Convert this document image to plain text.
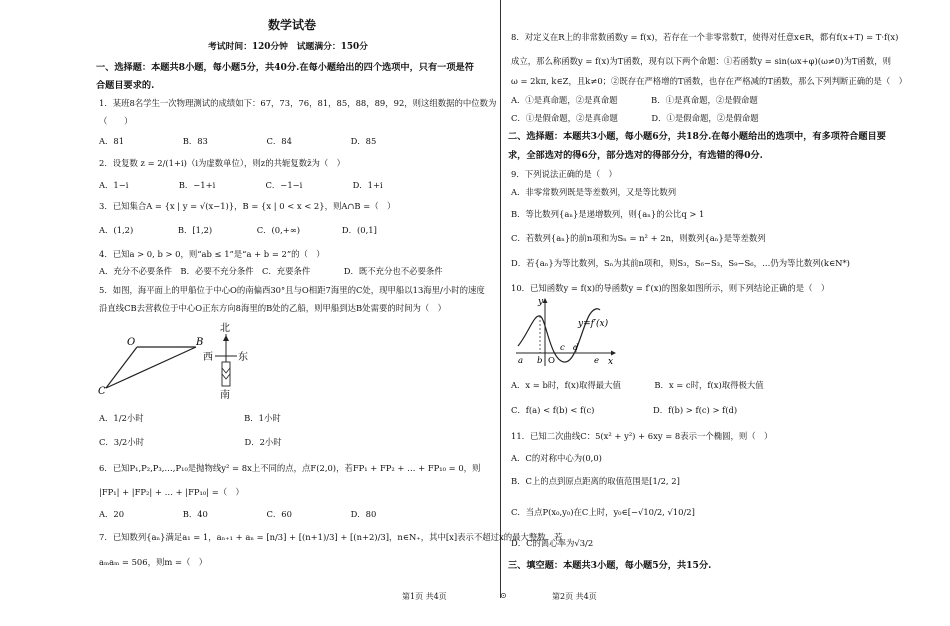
数学试卷
考试时间：120分钟　试题满分：150分
一、选择题：本题共8小题，每小题5分，共40分.在每小题给出的四个选项中，只有一项是符
合题目要求的.
1．某班8名学生一次物理测试的成绩如下：67，73，76，81，85，88，89，92，则这组数据的中位数为
（　　）
A．81　　　　　　　B．83　　　　　　　C．84　　　　　　　D．85
2．设复数 z = 2/(1+i)（i为虚数单位），则z的共轭复数z̄为（　）
A．1−i　　　　　　B．−1+i　　　　　　C．−1−i　　　　　　D．1+i
3．已知集合A = {x | y = √(x−1)}，B = {x | 0 < x < 2}，则A∩B =（　）
A．(1,2)　　　　　 B．[1,2)　　　　　 C．(0,+∞)　　　　　D．(0,1]
4．已知a > 0, b > 0，则“ab ≤ 1”是“a + b = 2”的（　）
A．充分不必要条件　B．必要不充分条件　C．充要条件　　　　D．既不充分也不必要条件
5．如图，海平面上的甲船位于中心O的南偏西30°且与O相距7海里的C处，现甲船以13海里/小时的速度
沿直线CB去营救位于中心O正东方向8海里的B处的乙船，则甲船到达B处需要的时间为（　）
O	B
C
北
西	东
南
A．1/2小时　　　　　　　　　　　　B．1小时
C．3/2小时　　　　　　　　　　　　D．2小时
6．已知P₁,P₂,P₃,…,P₁₀是抛物线y² = 8x上不同的点，点F(2,0)，若FP₁ + FP₂ + … + FP₁₀ = 0，则
|FP₁| + |FP₂| + … + |FP₁₀| =（　）
A．20　　　　　　　B．40　　　　　　　C．60　　　　　　　D．80
7．已知数列{aₙ}满足a₁ = 1，aₙ₊₁ + aₙ = [n/3] + [(n+1)/3] + [(n+2)/3]，n∈N₊，其中[x]表示不超过x的最大整数．若
aₘaₘ = 506，则m =（　）
8．对定义在R上的非常数函数y = f(x)，若存在一个非零常数T，使得对任意x∈R，都有f(x+T) = T·f(x)
成立，那么称函数y = f(x)为T函数，现有以下两个命题：①若函数y = sin(ωx+φ)(ω≠0)为T函数，则
ω = 2kπ, k∈Z，且k≠0；②既存在严格增的T函数，也存在严格减的T函数，那么下列判断正确的是（　）
A．①是真命题，②是真命题　　　　B．①是真命题，②是假命题
C．①是假命题，②是真命题　　　　D．①是假命题，②是假命题
二、选择题：本题共3小题，每小题6分，共18分.在每小题给出的选项中，有多项符合题目要
求，全部选对的得6分，部分选对的得部分分，有选错的得0分.
9．下列说法正确的是（　）
A．非零常数列既是等差数列，又是等比数列
B．等比数列{aₙ}是递增数列，则{aₙ}的公比q > 1
C．若数列{aₙ}的前n项和为Sₙ = n² + 2n，则数列{aₙ}是等差数列
D．若{aₙ}为等比数列，Sₙ为其前n项和，则S₃，S₆−S₃，S₉−S₆，…仍为等比数列(k∈N*)
10．已知函数y = f(x)的导函数y = f′(x)的图象如图所示，则下列结论正确的是（　）
y=f′(x)
y
x
a b O
c d
e
A．x = b时，f(x)取得最大值　　　　B．x = c时，f(x)取得极大值
C．f(a) < f(b) < f(c)　　　　　　　D．f(b) > f(c) > f(d)
11．已知二次曲线C：5(x² + y²) + 6xy = 8表示一个椭圆，则（　）
A．C的对称中心为(0,0)
B．C上的点到原点距离的取值范围是[1/2, 2]
C．当点P(x₀,y₀)在C上时，y₀∈[−√10/2, √10/2]
D．C的离心率为√3/2
三、填空题：本题共3小题，每小题5分，共15分.
第1页 共4页	⊙	第2页 共4页
